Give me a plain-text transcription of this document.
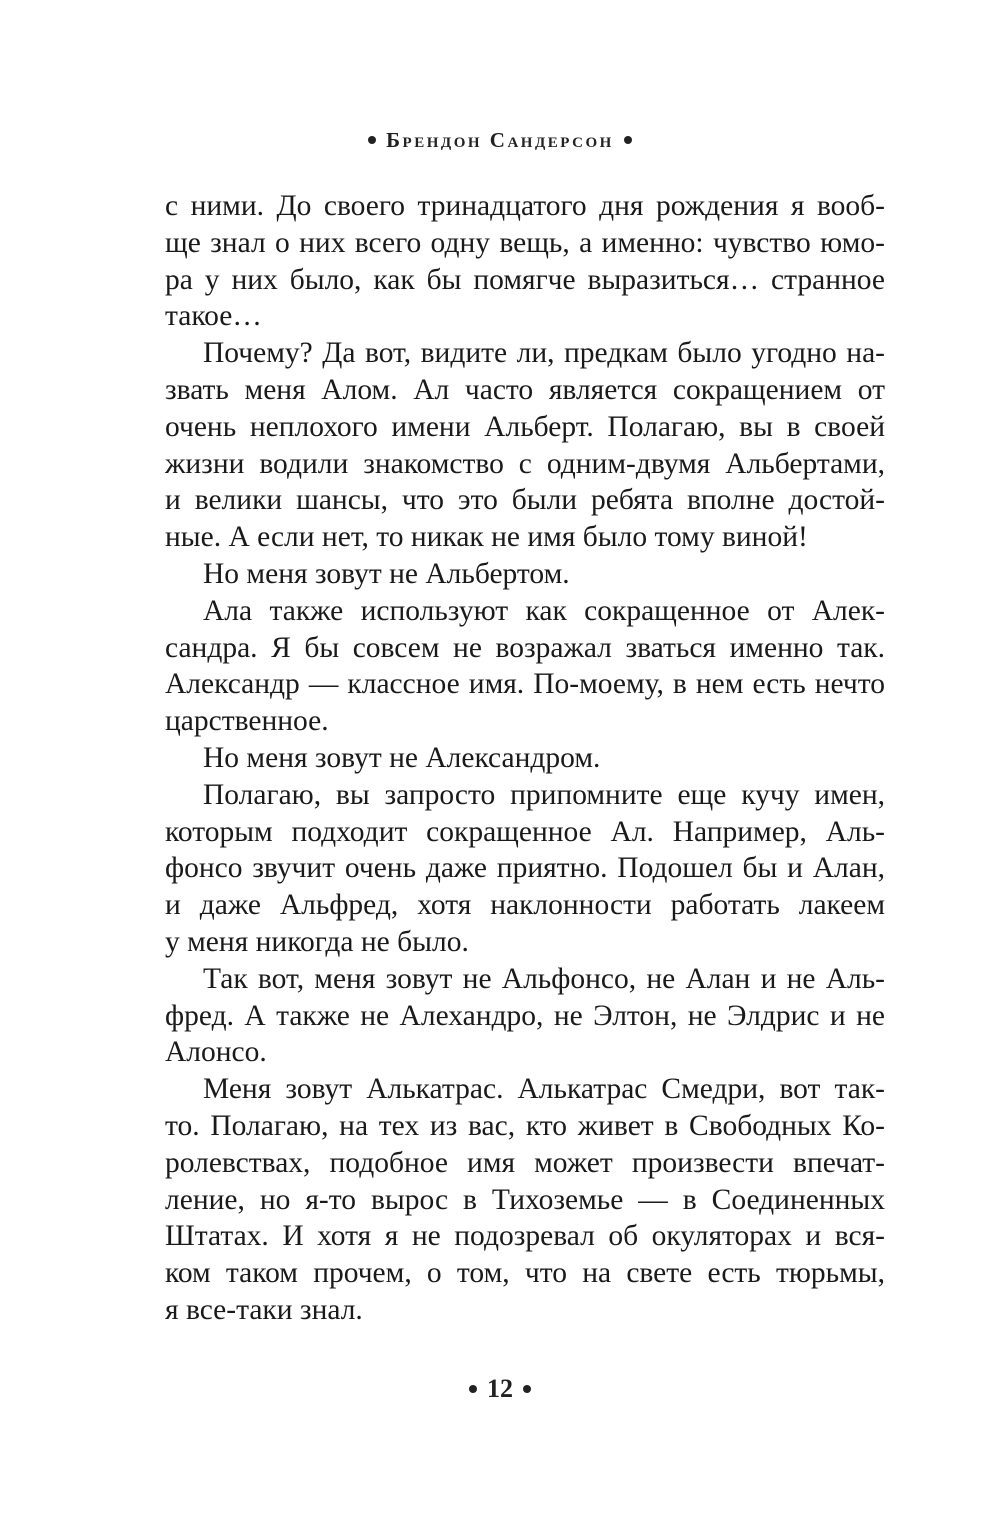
Брендон Сандерсон
с ними. До своего тринадцатого дня рождения я вооб-
ще знал о них всего одну вещь, а именно: чувство юмо-
ра у них было, как бы помягче выразиться… странное
такое…
Почему? Да вот, видите ли, предкам было угодно на-
звать меня Алом. Ал часто является сокращением от
очень неплохого имени Альберт. Полагаю, вы в своей
жизни водили знакомство с одним-двумя Альбертами,
и велики шансы, что это были ребята вполне достой-
ные. А если нет, то никак не имя было тому виной!
Но меня зовут не Альбертом.
Ала также используют как сокращенное от Алек-
сандра. Я бы совсем не возражал зваться именно так.
Александр — классное имя. По-моему, в нем есть нечто
царственное.
Но меня зовут не Александром.
Полагаю, вы запросто припомните еще кучу имен,
которым подходит сокращенное Ал. Например, Аль-
фонсо звучит очень даже приятно. Подошел бы и Алан,
и даже Альфред, хотя наклонности работать лакеем
у меня никогда не было.
Так вот, меня зовут не Альфонсо, не Алан и не Аль-
фред. А также не Алехандро, не Элтон, не Элдрис и не
Алонсо.
Меня зовут Алькатрас. Алькатрас Смедри, вот так-
то. Полагаю, на тех из вас, кто живет в Свободных Ко-
ролевствах, подобное имя может произвести впечат-
ление, но я-то вырос в Тихоземье — в Соединенных
Штатах. И хотя я не подозревал об окуляторах и вся-
ком таком прочем, о том, что на свете есть тюрьмы,
я все-таки знал.
12
